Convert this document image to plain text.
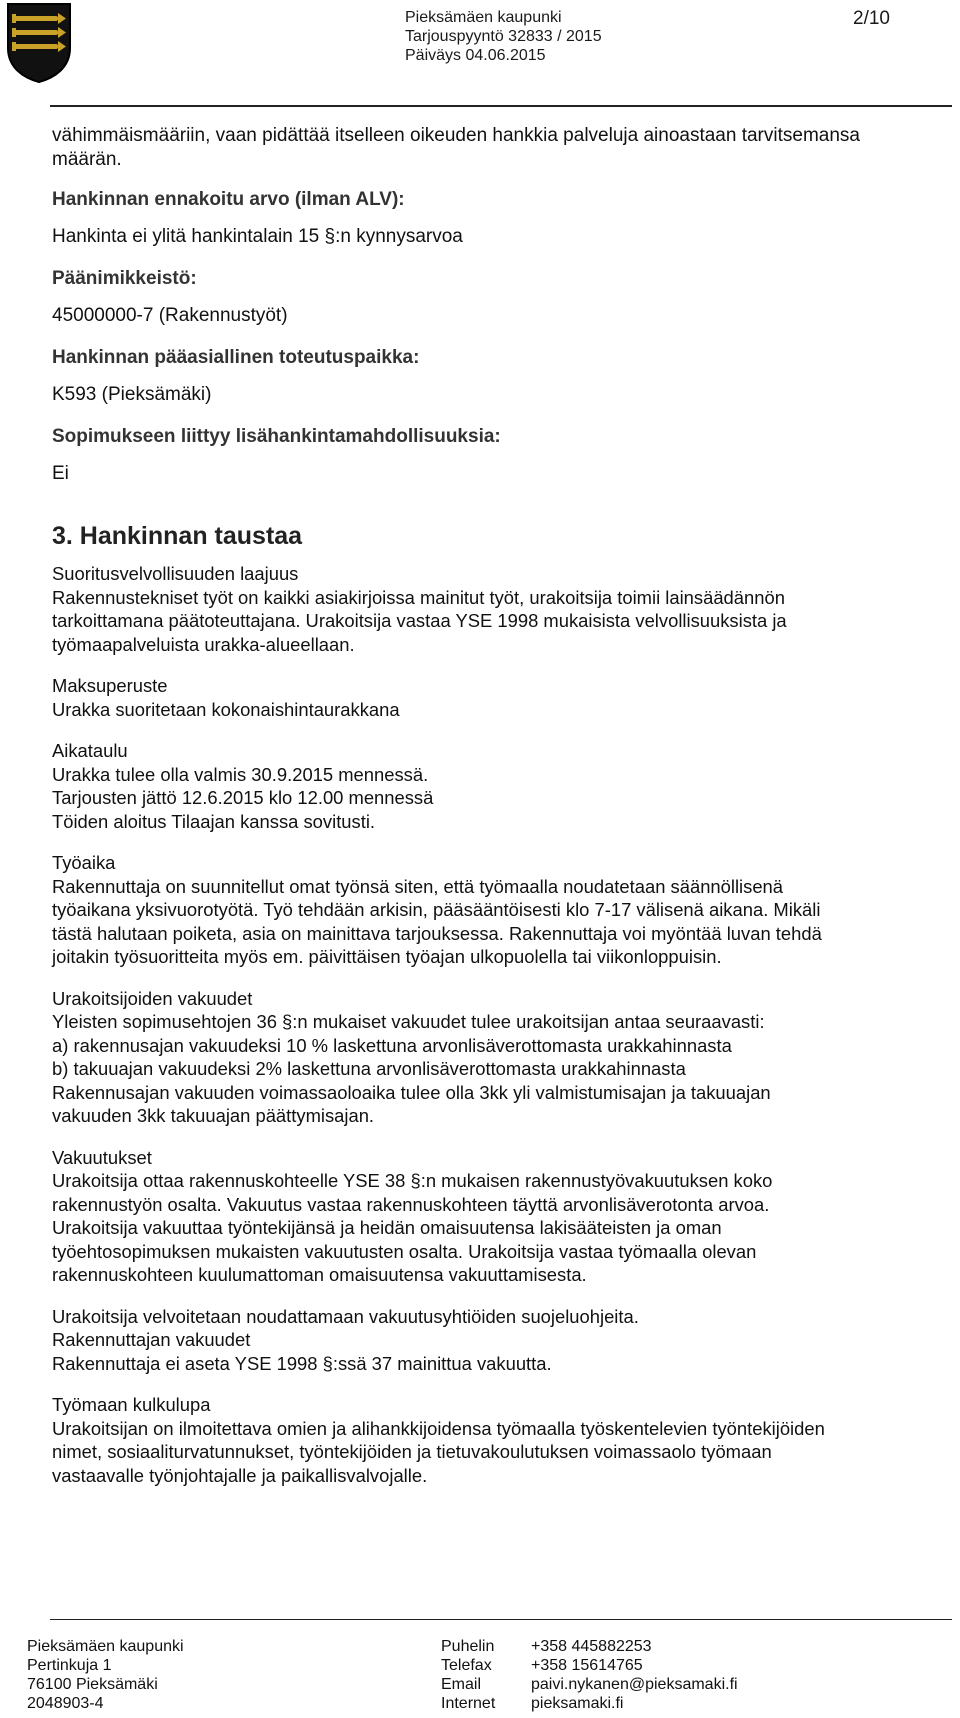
Pieksämäen kaupunki
Tarjouspyyntö 32833 / 2015
Päiväys 04.06.2015
2/10

vähimmäismääriin, vaan pidättää itselleen oikeuden hankkia palveluja ainoastaan tarvitsemansa määrän.

Hankinnan ennakoitu arvo (ilman ALV):

Hankinta ei ylitä hankintalain 15 §:n kynnysarvoa

Päänimikkeistö:

45000000-7 (Rakennustyöt)

Hankinnan pääasiallinen toteutuspaikka:

K593 (Pieksämäki)

Sopimukseen liittyy lisähankintamahdollisuuksia:

Ei

3. Hankinnan taustaa

Suoritusvelvollisuuden laajuus

Rakennustekniset työt on kaikki asiakirjoissa mainitut työt, urakoitsija toimii lainsäädännön

tarkoittamana päätoteuttajana. Urakoitsija vastaa YSE 1998 mukaisista velvollisuuksista ja

työmaapalveluista urakka-alueellaan.

Maksuperuste

Urakka suoritetaan kokonaishintaurakkana

Aikataulu

Urakka tulee olla valmis 30.9.2015 mennessä.

Tarjousten jättö 12.6.2015 klo 12.00 mennessä

Töiden aloitus Tilaajan kanssa sovitusti.

Työaika

Rakennuttaja on suunnitellut omat työnsä siten, että työmaalla noudatetaan säännöllisenä

työaikana yksivuorotyötä. Työ tehdään arkisin, pääsääntöisesti klo 7-17 välisenä aikana. Mikäli

tästä halutaan poiketa, asia on mainittava tarjouksessa. Rakennuttaja voi myöntää luvan tehdä

joitakin työsuoritteita myös em. päivittäisen työajan ulkopuolella tai viikonloppuisin.

Urakoitsijoiden vakuudet

Yleisten sopimusehtojen 36 §:n mukaiset vakuudet tulee urakoitsijan antaa seuraavasti:

a) rakennusajan vakuudeksi 10 % laskettuna arvonlisäverottomasta urakkahinnasta

b) takuuajan vakuudeksi 2% laskettuna arvonlisäverottomasta urakkahinnasta

Rakennusajan vakuuden voimassaoloaika tulee olla 3kk yli valmistumisajan ja takuuajan

vakuuden 3kk takuuajan päättymisajan.

Vakuutukset

Urakoitsija ottaa rakennuskohteelle YSE 38 §:n mukaisen rakennustyövakuutuksen koko

rakennustyön osalta. Vakuutus vastaa rakennuskohteen täyttä arvonlisäverotonta arvoa.

Urakoitsija vakuuttaa työntekijänsä ja heidän omaisuutensa lakisääteisten ja oman

työehtosopimuksen mukaisten vakuutusten osalta. Urakoitsija vastaa työmaalla olevan

rakennuskohteen kuulumattoman omaisuutensa vakuuttamisesta.

Urakoitsija velvoitetaan noudattamaan vakuutusyhtiöiden suojeluohjeita.

Rakennuttajan vakuudet

Rakennuttaja ei aseta YSE 1998 §:ssä 37 mainittua vakuutta.

Työmaan kulkulupa

Urakoitsijan on ilmoitettava omien ja alihankkijoidensa työmaalla työskentelevien työntekijöiden

nimet, sosiaaliturvatunnukset, työntekijöiden ja tietuvakoulutuksen voimassaolo työmaan

vastaavalle työnjohtajalle ja paikallisvalvojalle.

Pieksämäen kaupunki
Pertinkuja 1
76100 Pieksämäki
2048903-4
Puhelin
Telefax
Email
Internet
+358 445882253
+358 15614765
paivi.nykanen@pieksamaki.fi
pieksamaki.fi
